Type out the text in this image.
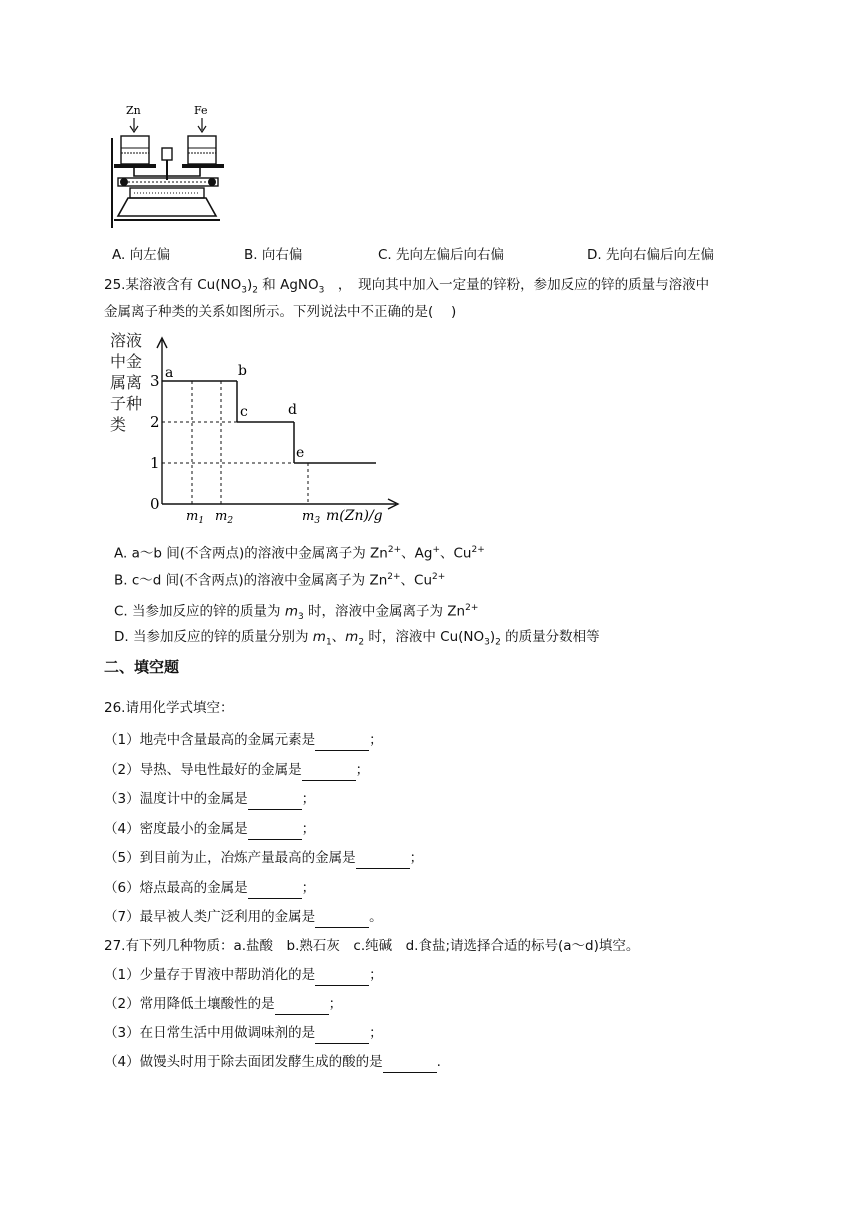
Zn	Fe
A. 向左偏	B. 向右偏	C. 先向左偏后向右偏	D. 先向右偏后向左偏
25.某溶液含有 $Cu(NO_3)_2$ 和 AgNO$_3$　，　现向其中加入一定量的锌粉，参加反应的锌的质量与溶液中
金属离子种类的关系如图所示。下列说法中不正确的是(　 )
溶液
中金
属离
子种
类
0
1
2
3 a	b
c	d
e
$m_1$ $m_2$	$m_3$ m(Zn)/g
A. a～b 间(不含两点)的溶液中金属离子为 $Zn^{2+}$、Ag+、$Cu^{2+}$
B. c～d 间(不含两点)的溶液中金属离子为 $Zn^{2+}$、$Cu^{2+}$
C. 当参加反应的锌的质量为 $m_3$ 时，溶液中金属离子为 $Zn^{2+}$
D. 当参加反应的锌的质量分别为 $m_1$、$m_2$ 时，溶液中 $Cu(NO_3)_2$ 的质量分数相等
二、填空题
26.请用化学式填空：
（1）地壳中含量最高的金属元素是	；
（2）导热、导电性最好的金属是	；
（3）温度计中的金属是	；
（4）密度最小的金属是	；
（5）到目前为止，冶炼产量最高的金属是	；
（6）熔点最高的金属是	；
（7）最早被人类广泛利用的金属是	。
27.有下列几种物质：a.盐酸　b.熟石灰　c.纯碱　d.食盐;请选择合适的标号(a～d)填空。
（1）少量存于胃液中帮助消化的是	；
（2）常用降低土壤酸性的是	；
（3）在日常生活中用做调味剂的是	；
（4）做馒头时用于除去面团发酵生成的酸的是	.
